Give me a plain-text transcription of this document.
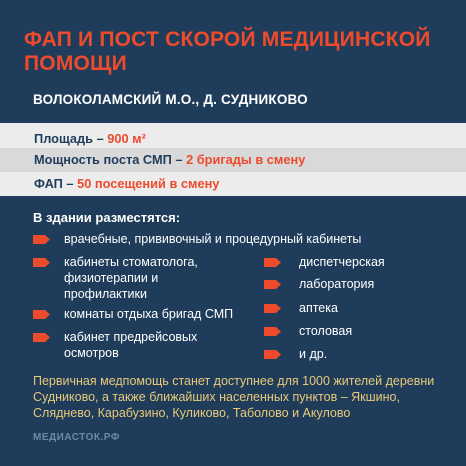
ФАП И ПОСТ СКОРОЙ МЕДИЦИНСКОЙ ПОМОЩИ
ВОЛОКОЛАМСКИЙ М.О., Д. СУДНИКОВО
Площадь – 900 м²
Мощность поста СМП – 2 бригады в смену
ФАП – 50 посещений в смену
В здании разместятся:
врачебные, прививочный и процедурный кабинеты
кабинеты стоматолога, физиотерапии и профилактики
комнаты отдыха бригад СМП
кабинет предрейсовых осмотров
диспетчерская
лаборатория
аптека
столовая
и др.
Первичная медпомощь станет доступнее для 1000 жителей деревни Судниково, а также ближайших населенных пунктов – Якшино, Сляднево, Карабузино, Куликово, Таболово и Акулово
МЕДИАСТОК.РФ
